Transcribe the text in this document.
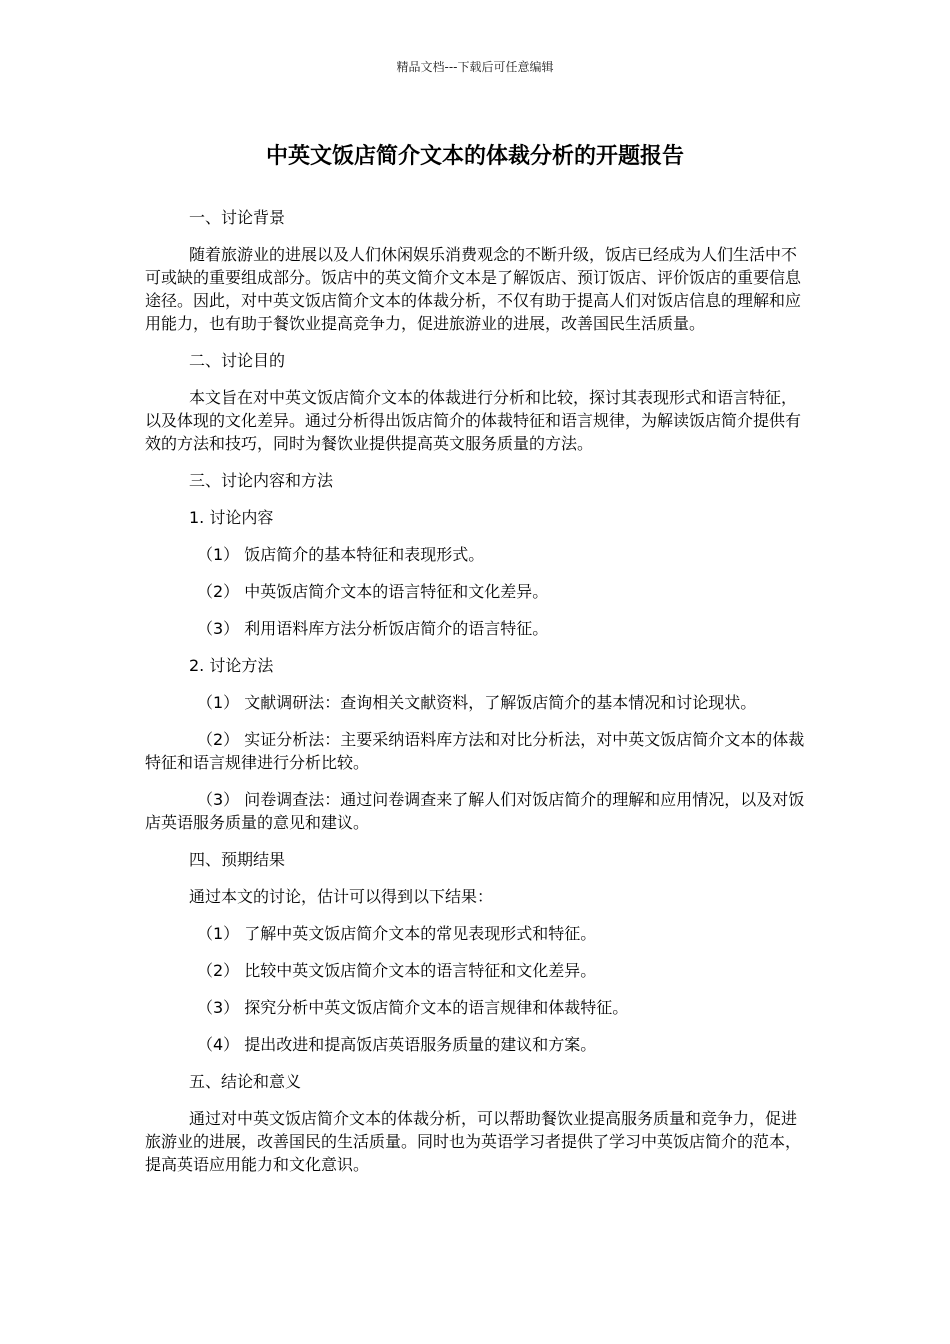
精品文档---下载后可任意编辑
中英文饭店简介文本的体裁分析的开题报告

一、讨论背景

随着旅游业的进展以及人们休闲娱乐消费观念的不断升级，饭店已经成为人们生活中不可或缺的重要组成部分。饭店中的英文简介文本是了解饭店、预订饭店、评价饭店的重要信息途径。因此，对中英文饭店简介文本的体裁分析，不仅有助于提高人们对饭店信息的理解和应用能力，也有助于餐饮业提高竞争力，促进旅游业的进展，改善国民生活质量。

二、讨论目的

本文旨在对中英文饭店简介文本的体裁进行分析和比较，探讨其表现形式和语言特征，以及体现的文化差异。通过分析得出饭店简介的体裁特征和语言规律，为解读饭店简介提供有效的方法和技巧，同时为餐饮业提供提高英文服务质量的方法。

三、讨论内容和方法

1. 讨论内容

（1） 饭店简介的基本特征和表现形式。

（2） 中英饭店简介文本的语言特征和文化差异。

（3） 利用语料库方法分析饭店简介的语言特征。

2. 讨论方法

（1） 文献调研法：查询相关文献资料，了解饭店简介的基本情况和讨论现状。

（2） 实证分析法：主要采纳语料库方法和对比分析法，对中英文饭店简介文本的体裁特征和语言规律进行分析比较。

（3） 问卷调查法：通过问卷调查来了解人们对饭店简介的理解和应用情况，以及对饭店英语服务质量的意见和建议。

四、预期结果

通过本文的讨论，估计可以得到以下结果：

（1） 了解中英文饭店简介文本的常见表现形式和特征。

（2） 比较中英文饭店简介文本的语言特征和文化差异。

（3） 探究分析中英文饭店简介文本的语言规律和体裁特征。

（4） 提出改进和提高饭店英语服务质量的建议和方案。

五、结论和意义

通过对中英文饭店简介文本的体裁分析，可以帮助餐饮业提高服务质量和竞争力，促进旅游业的进展，改善国民的生活质量。同时也为英语学习者提供了学习中英饭店简介的范本，提高英语应用能力和文化意识。
